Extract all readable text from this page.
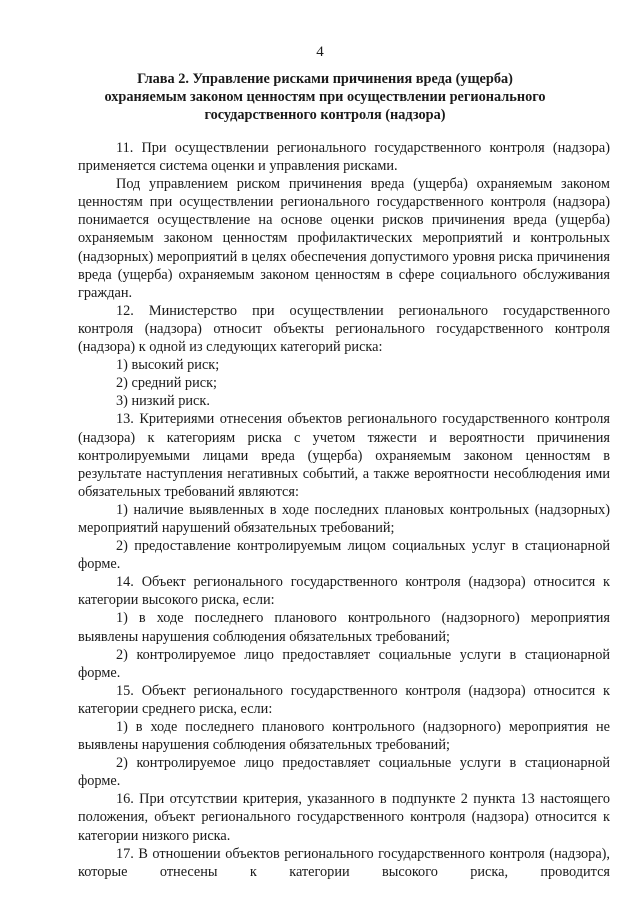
4
Глава 2. Управление рисками причинения вреда (ущерба)
охраняемым законом ценностям при осуществлении регионального
государственного контроля (надзора)

11. При осуществлении регионального государственного контроля (надзора) применяется система оценки и управления рисками.

Под управлением риском причинения вреда (ущерба) охраняемым законом ценностям при осуществлении регионального государственного контроля (надзора) понимается осуществление на основе оценки рисков причинения вреда (ущерба) охраняемым законом ценностям профилактических мероприятий и контрольных (надзорных) мероприятий в целях обеспечения допустимого уровня риска причинения вреда (ущерба) охраняемым законом ценностям в сфере социального обслуживания граждан.

12. Министерство при осуществлении регионального государственного контроля (надзора) относит объекты регионального государственного контроля (надзора) к одной из следующих категорий риска:

1) высокий риск;

2) средний риск;

3) низкий риск.

13. Критериями отнесения объектов регионального государственного контроля (надзора) к категориям риска с учетом тяжести и вероятности причинения контролируемыми лицами вреда (ущерба) охраняемым законом ценностям в результате наступления негативных событий, а также вероятности несоблюдения ими обязательных требований являются:

1) наличие выявленных в ходе последних плановых контрольных (надзорных) мероприятий нарушений обязательных требований;

2) предоставление контролируемым лицом социальных услуг в стационарной форме.

14. Объект регионального государственного контроля (надзора) относится к категории высокого риска, если:

1) в ходе последнего планового контрольного (надзорного) мероприятия выявлены нарушения соблюдения обязательных требований;

2) контролируемое лицо предоставляет социальные услуги в стационарной форме.

15. Объект регионального государственного контроля (надзора) относится к категории среднего риска, если:

1) в ходе последнего планового контрольного (надзорного) мероприятия не выявлены нарушения соблюдения обязательных требований;

2) контролируемое лицо предоставляет социальные услуги в стационарной форме.

16. При отсутствии критерия, указанного в подпункте 2 пункта 13 настоящего положения, объект регионального государственного контроля (надзора) относится к категории низкого риска.

17. В отношении объектов регионального государственного контроля (надзора), которые отнесены к категории высокого риска, проводится
